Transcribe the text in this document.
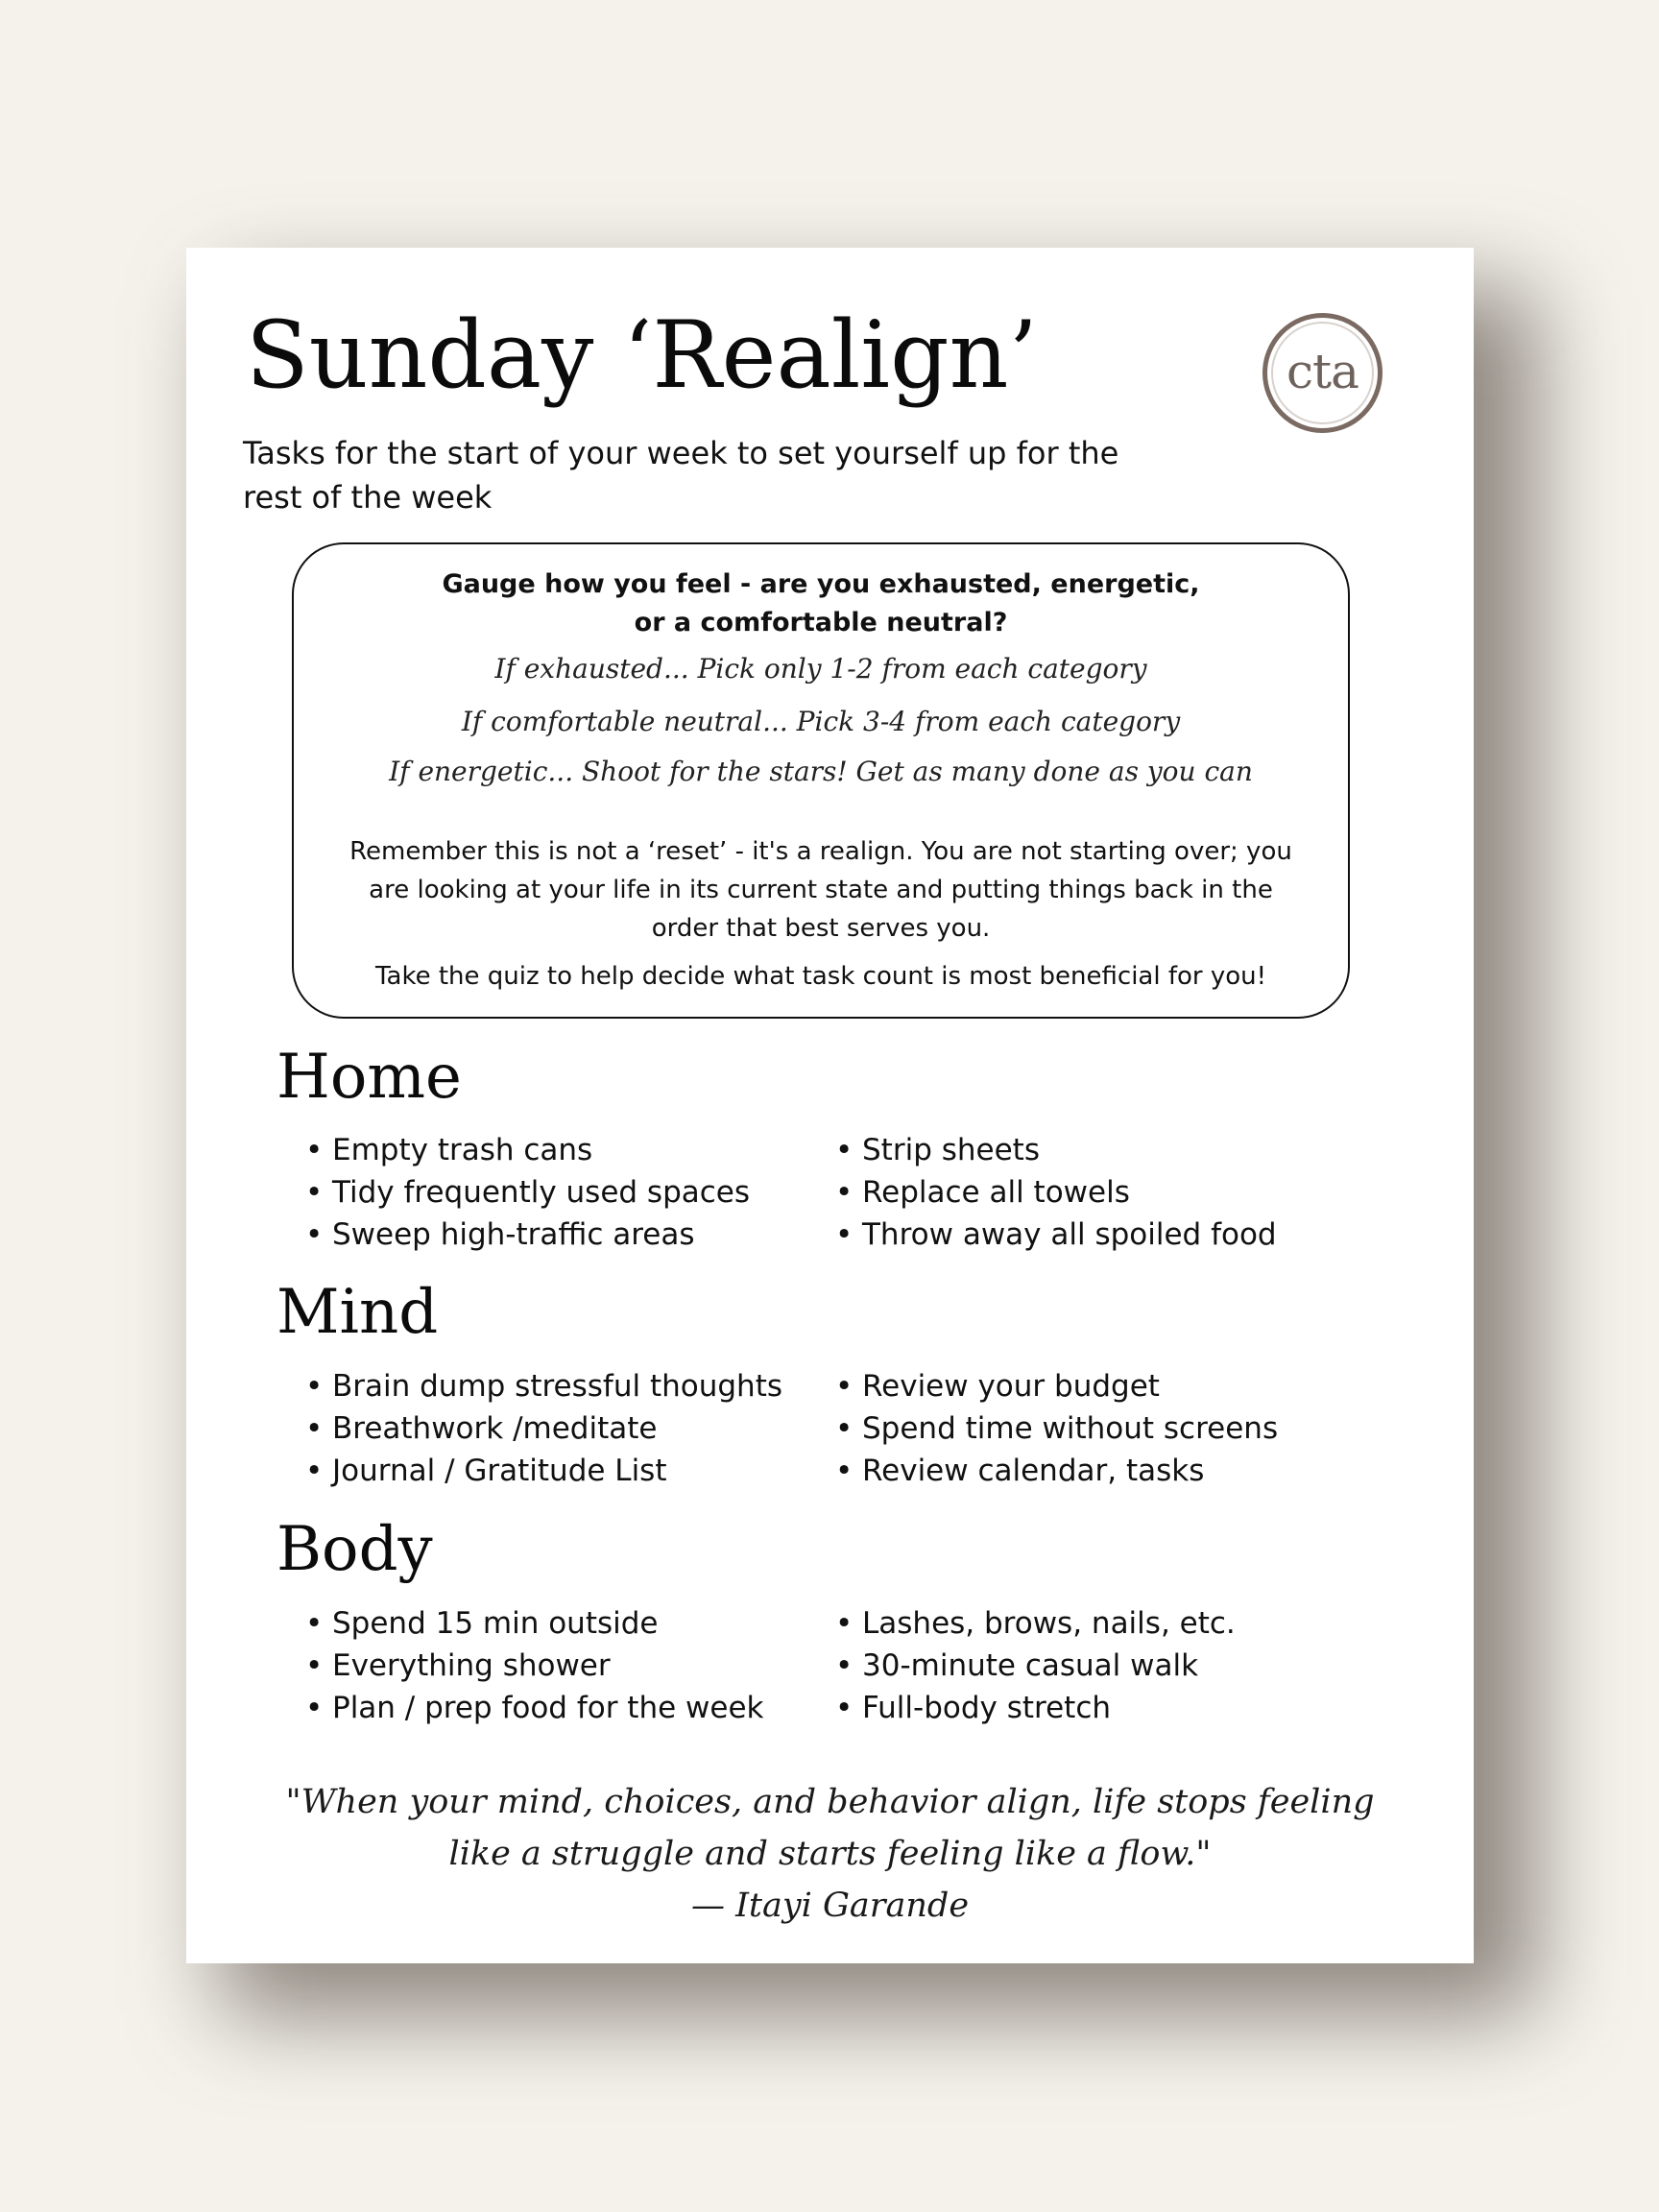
Sunday ‘Realign’	cta

Tasks for the start of your week to set yourself up for the
rest of the week

Gauge how you feel - are you exhausted, energetic,
or a comfortable neutral?

If exhausted... Pick only 1-2 from each category

If comfortable neutral... Pick 3-4 from each category

If energetic... Shoot for the stars! Get as many done as you can

Remember this is not a ‘reset’ - it's a realign. You are not starting over; you
are looking at your life in its current state and putting things back in the
order that best serves you.

Take the quiz to help decide what task count is most beneficial for you!

Home
• Empty trash cans
• Tidy frequently used spaces
• Sweep high-traffic areas
• Strip sheets
• Replace all towels
• Throw away all spoiled food
Mind
• Brain dump stressful thoughts
• Breathwork /meditate
• Journal / Gratitude List
• Review your budget
• Spend time without screens
• Review calendar, tasks
Body
• Spend 15 min outside
• Everything shower
• Plan / prep food for the week
• Lashes, brows, nails, etc.
• 30-minute casual walk
• Full-body stretch

"When your mind, choices, and behavior align, life stops feeling
like a struggle and starts feeling like a flow."
— Itayi Garande
